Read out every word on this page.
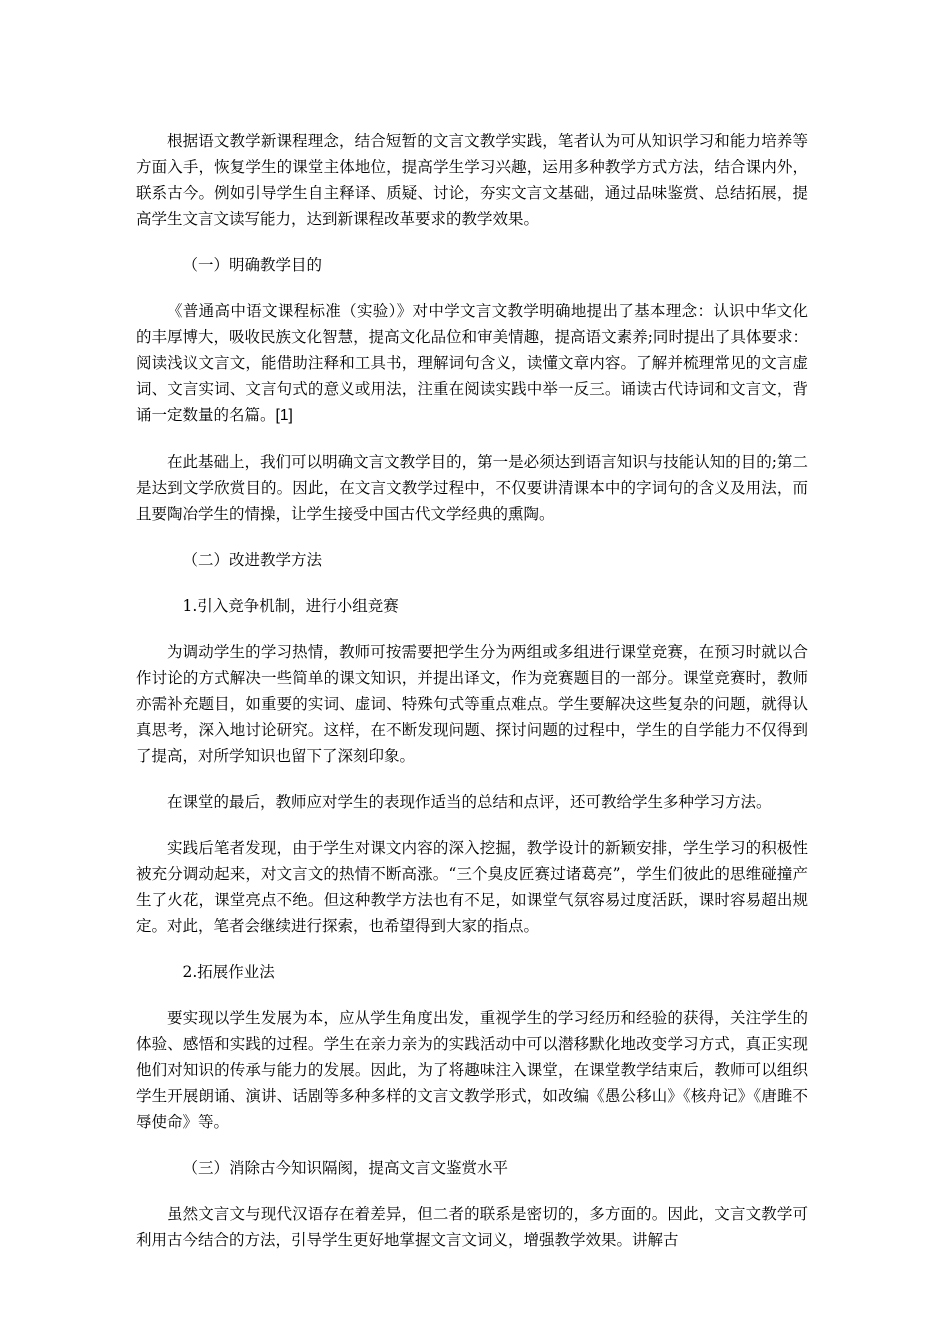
根据语文教学新课程理念，结合短暂的文言文教学实践，笔者认为可从知识学习和能力培养等方面入手，恢复学生的课堂主体地位，提高学生学习兴趣，运用多种教学方式方法，结合课内外，联系古今。例如引导学生自主释译、质疑、讨论，夯实文言文基础，通过品味鉴赏、总结拓展，提高学生文言文读写能力，达到新课程改革要求的教学效果。

（一）明确教学目的

《普通高中语文课程标准（实验）》对中学文言文教学明确地提出了基本理念：认识中华文化的丰厚博大，吸收民族文化智慧，提高文化品位和审美情趣，提高语文素养;同时提出了具体要求：阅读浅议文言文，能借助注释和工具书，理解词句含义，读懂文章内容。了解并梳理常见的文言虚词、文言实词、文言句式的意义或用法，注重在阅读实践中举一反三。诵读古代诗词和文言文，背诵一定数量的名篇。[1]

在此基础上，我们可以明确文言文教学目的，第一是必须达到语言知识与技能认知的目的;第二是达到文学欣赏目的。因此，在文言文教学过程中，不仅要讲清课本中的字词句的含义及用法，而且要陶冶学生的情操，让学生接受中国古代文学经典的熏陶。

（二）改进教学方法

1.引入竞争机制，进行小组竞赛

为调动学生的学习热情，教师可按需要把学生分为两组或多组进行课堂竞赛，在预习时就以合作讨论的方式解决一些简单的课文知识，并提出译文，作为竞赛题目的一部分。课堂竞赛时，教师亦需补充题目，如重要的实词、虚词、特殊句式等重点难点。学生要解决这些复杂的问题，就得认真思考，深入地讨论研究。这样，在不断发现问题、探讨问题的过程中，学生的自学能力不仅得到了提高，对所学知识也留下了深刻印象。

在课堂的最后，教师应对学生的表现作适当的总结和点评，还可教给学生多种学习方法。

实践后笔者发现，由于学生对课文内容的深入挖掘，教学设计的新颖安排，学生学习的积极性被充分调动起来，对文言文的热情不断高涨。“三个臭皮匠赛过诸葛亮”，学生们彼此的思维碰撞产生了火花，课堂亮点不绝。但这种教学方法也有不足，如课堂气氛容易过度活跃，课时容易超出规定。对此，笔者会继续进行探索，也希望得到大家的指点。

2.拓展作业法

要实现以学生发展为本，应从学生角度出发，重视学生的学习经历和经验的获得，关注学生的体验、感悟和实践的过程。学生在亲力亲为的实践活动中可以潜移默化地改变学习方式，真正实现他们对知识的传承与能力的发展。因此，为了将趣味注入课堂，在课堂教学结束后，教师可以组织学生开展朗诵、演讲、话剧等多种多样的文言文教学形式，如改编《愚公移山》《核舟记》《唐雎不辱使命》等。

（三）消除古今知识隔阂，提高文言文鉴赏水平

虽然文言文与现代汉语存在着差异，但二者的联系是密切的，多方面的。因此，文言文教学可利用古今结合的方法，引导学生更好地掌握文言文词义，增强教学效果。讲解古
